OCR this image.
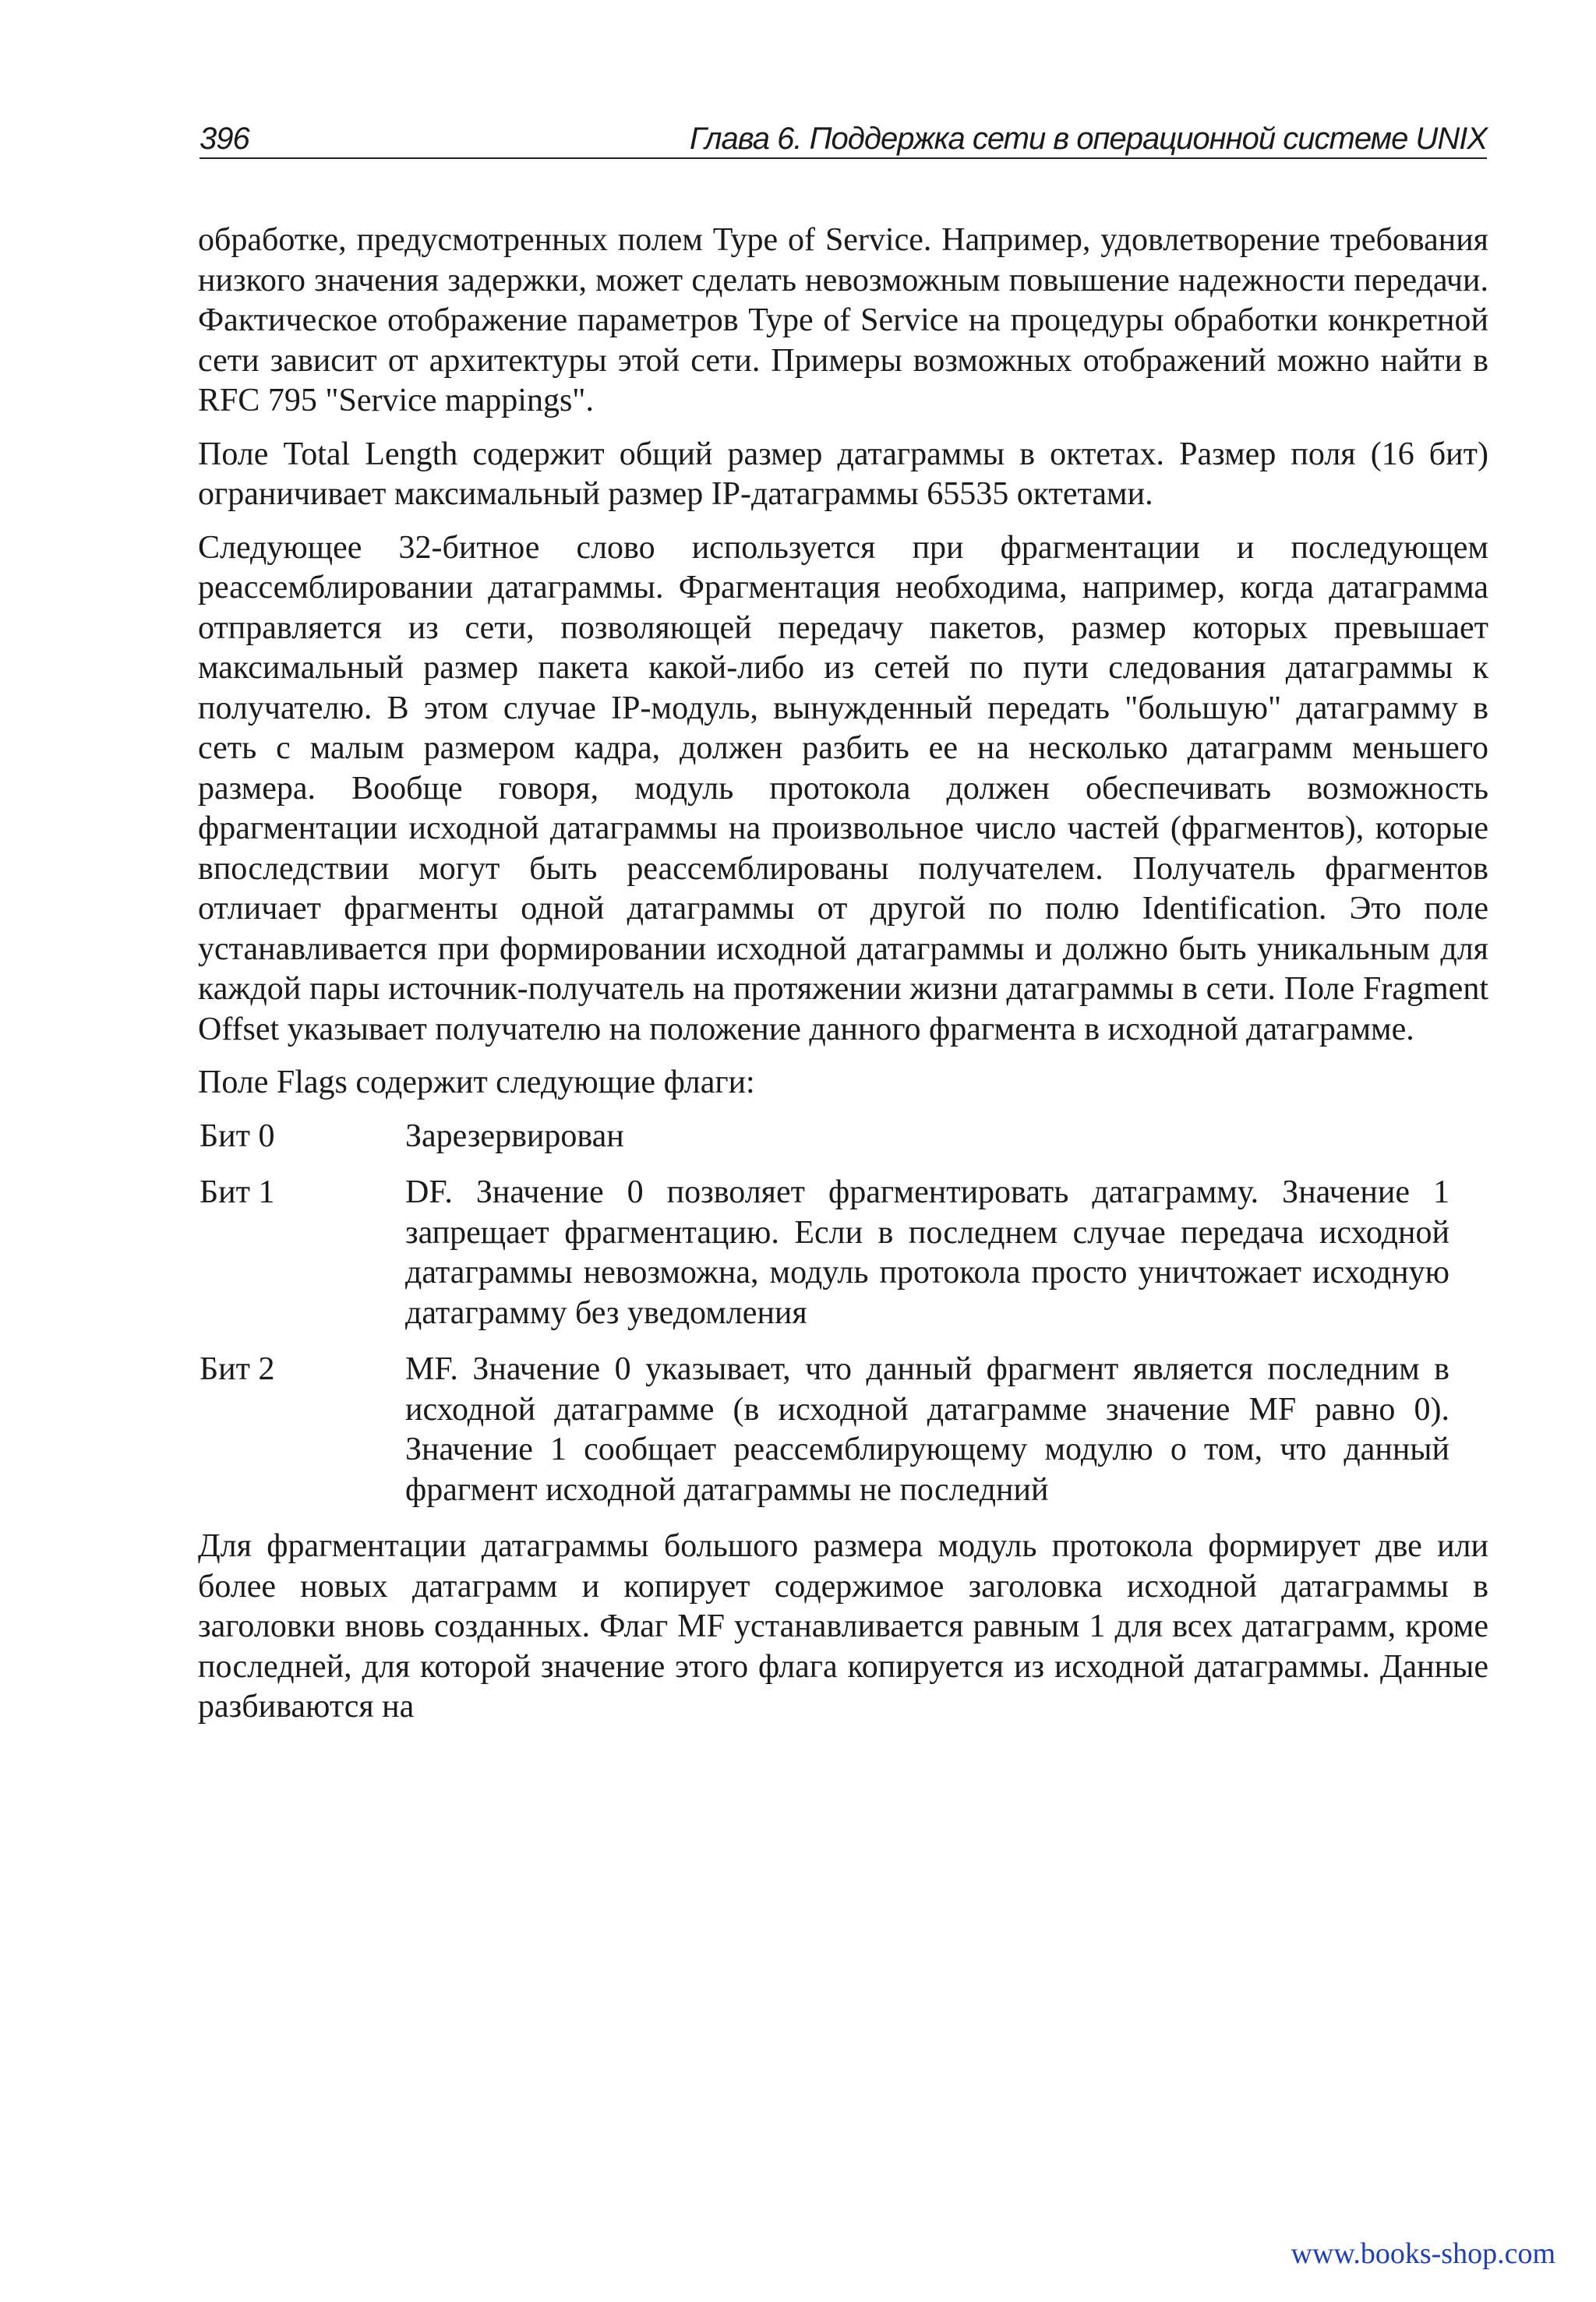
396	Глава 6. Поддержка сети в операционной системе UNIX

обработке, предусмотренных полем Type of Service. Например, удовлетворение требования низкого значения задержки, может сделать невозможным повышение надежности передачи. Фактическое отображение параметров Type of Service на процедуры обработки конкретной сети зависит от архитектуры этой сети. Примеры возможных отображений можно найти в RFC 795 "Service mappings".

Поле Total Length содержит общий размер датаграммы в октетах. Размер поля (16 бит) ограничивает максимальный размер IP-датаграммы 65535 октетами.

Следующее 32-битное слово используется при фрагментации и последующем реассемблировании датаграммы. Фрагментация необходима, например, когда датаграмма отправляется из сети, позволяющей передачу пакетов, размер которых превышает максимальный размер пакета какой-либо из сетей по пути следования датаграммы к получателю. В этом случае IP-модуль, вынужденный передать "большую" датаграмму в сеть с малым размером кадра, должен разбить ее на несколько датаграмм меньшего размера. Вообще говоря, модуль протокола должен обеспечивать возможность фрагментации исходной датаграммы на произвольное число частей (фрагментов), которые впоследствии могут быть реассемблированы получателем. Получатель фрагментов отличает фрагменты одной датаграммы от другой по полю Identification. Это поле устанавливается при формировании исходной датаграммы и должно быть уникальным для каждой пары источник-получатель на протяжении жизни датаграммы в сети. Поле Fragment Offset указывает получателю на положение данного фрагмента в исходной датаграмме.

Поле Flags содержит следующие флаги:

Бит 0	Зарезервирован
Бит 1	DF. Значение 0 позволяет фрагментировать датаграмму. Значение 1 запрещает фрагментацию. Если в последнем случае передача исходной датаграммы невозможна, модуль протокола просто уничтожает исходную датаграмму без уведомления
Бит 2	MF. Значение 0 указывает, что данный фрагмент является последним в исходной датаграмме (в исходной датаграмме значение MF равно 0). Значение 1 сообщает реассемблирующему модулю о том, что данный фрагмент исходной датаграммы не последний

Для фрагментации датаграммы большого размера модуль протокола формирует две или более новых датаграмм и копирует содержимое заголовка исходной датаграммы в заголовки вновь созданных. Флаг MF устанавливается равным 1 для всех датаграмм, кроме последней, для которой значение этого флага копируется из исходной датаграммы. Данные разбиваются на

www.books-shop.com
